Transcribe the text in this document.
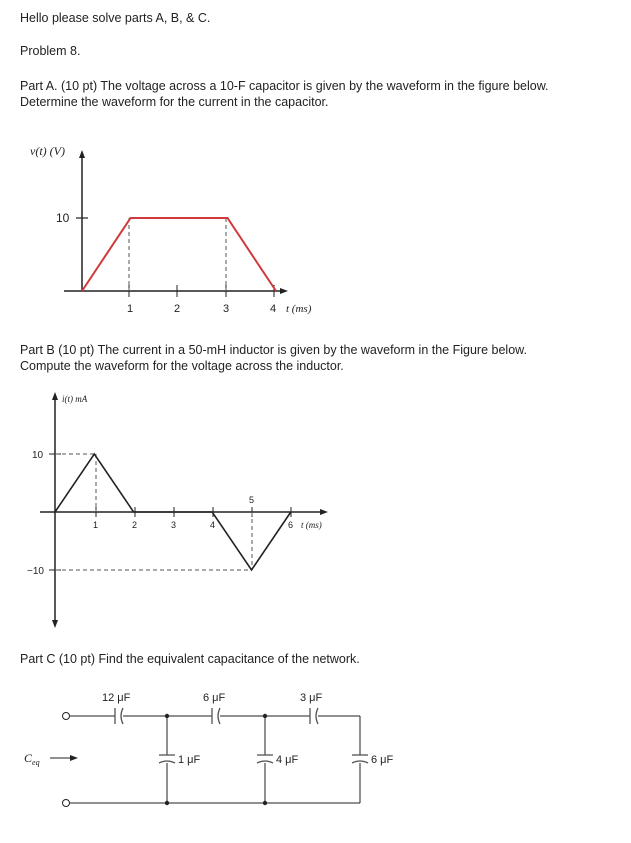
Hello please solve parts A, B, & C.
Problem 8.
Part A. (10 pt) The voltage across a 10-F capacitor is given by the waveform in the figure below. Determine the waveform for the current in the capacitor.
Part B (10 pt) The current in a 50-mH inductor is given by the waveform in the Figure below. Compute the waveform for the voltage across the inductor.
Part C (10 pt) Find the equivalent capacitance of the network.
v(t) (V)
t (ms)
10
1	2	3	4
i(t) mA
t (ms)
10
−10
1	2	3	4
5
6
$C_{eq}$
12 μF	6 μF	3 μF
1 μF	4 μF	6 μF
